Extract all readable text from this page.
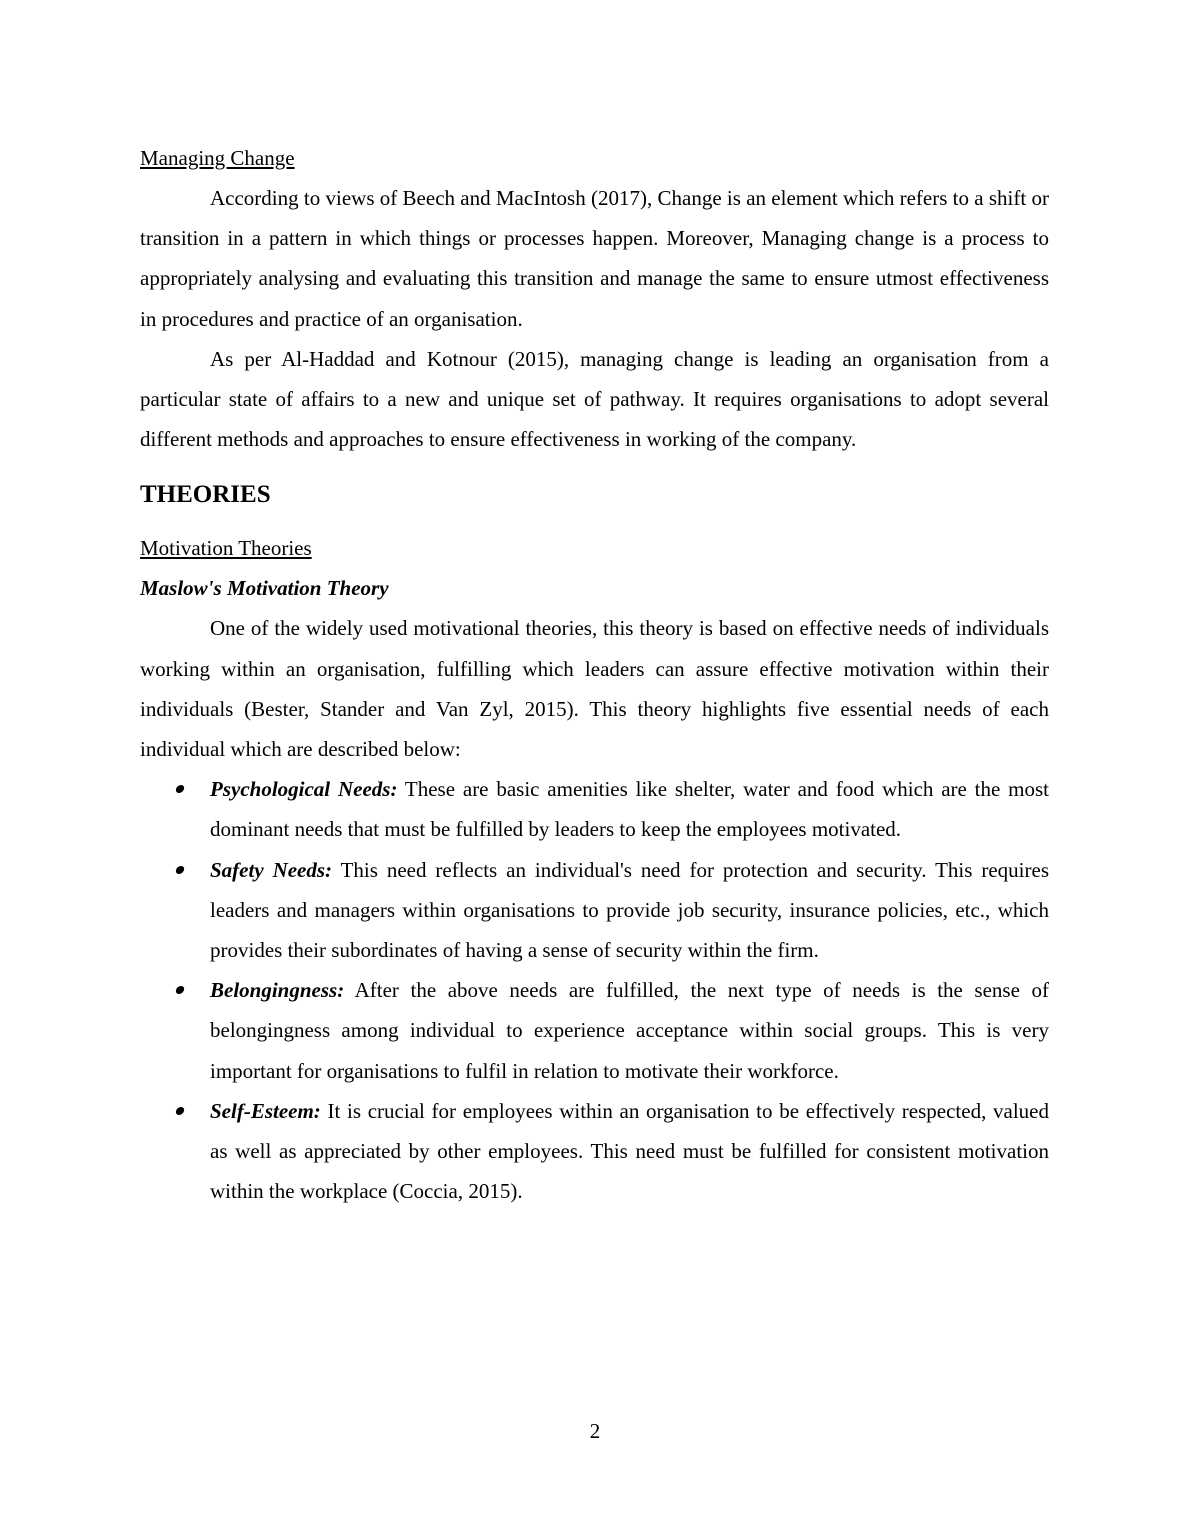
Managing Change

According to views of Beech and MacIntosh (2017), Change is an element which refers to a shift or transition in a pattern in which things or processes happen. Moreover, Managing change is a process to appropriately analysing and evaluating this transition and manage the same to ensure utmost effectiveness in procedures and practice of an organisation.

As per Al-Haddad and Kotnour (2015), managing change is leading an organisation from a particular state of affairs to a new and unique set of pathway. It requires organisations to adopt several different methods and approaches to ensure effectiveness in working of the company.

THEORIES

Motivation Theories

Maslow's Motivation Theory

One of the widely used motivational theories, this theory is based on effective needs of individuals working within an organisation, fulfilling which leaders can assure effective motivation within their individuals (Bester, Stander and Van Zyl, 2015). This theory highlights five essential needs of each individual which are described below:

Psychological Needs: These are basic amenities like shelter, water and food which are the most dominant needs that must be fulfilled by leaders to keep the employees motivated.
Safety Needs: This need reflects an individual's need for protection and security. This requires leaders and managers within organisations to provide job security, insurance policies, etc., which provides their subordinates of having a sense of security within the firm.
Belongingness: After the above needs are fulfilled, the next type of needs is the sense of belongingness among individual to experience acceptance within social groups. This is very important for organisations to fulfil in relation to motivate their workforce.
Self-Esteem: It is crucial for employees within an organisation to be effectively respected, valued as well as appreciated by other employees. This need must be fulfilled for consistent motivation within the workplace (Coccia, 2015).
2
